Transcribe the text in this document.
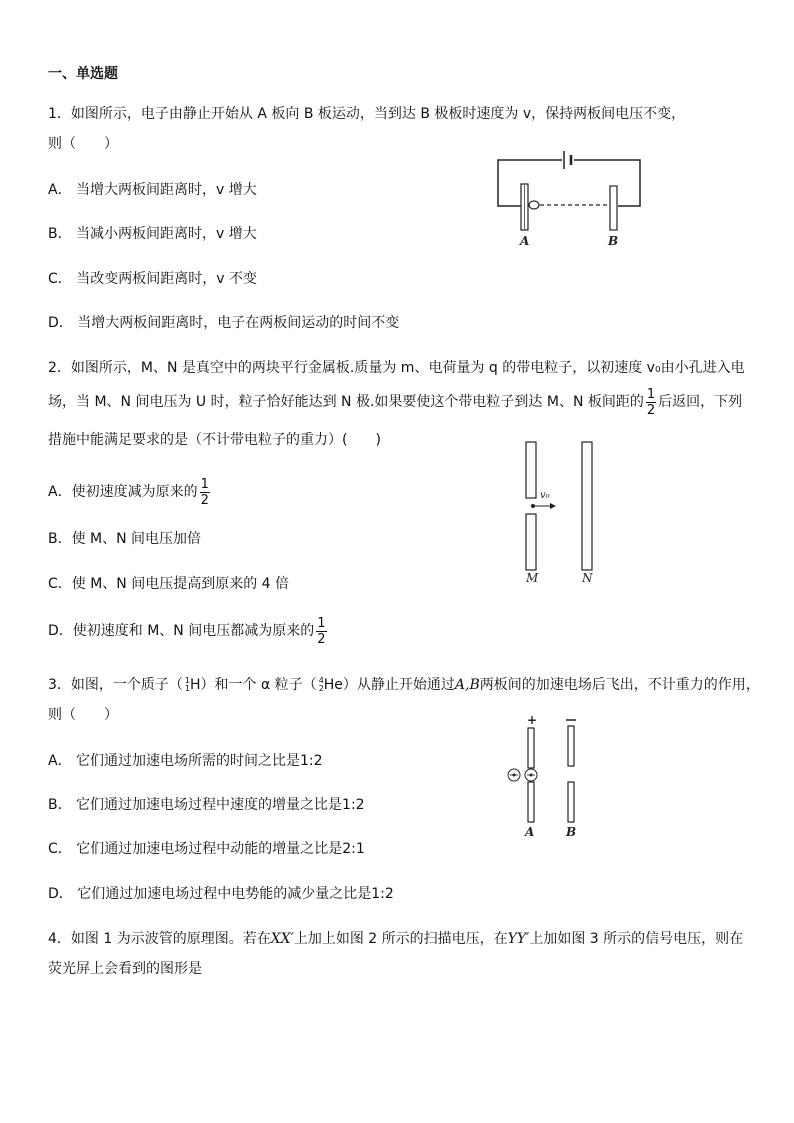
一、单选题
1．如图所示，电子由静止开始从 A 板向 B 板运动，当到达 B 极板时速度为 v，保持两板间电压不变，
则（　　）
A． 当增大两板间距离时，v 增大
B． 当减小两板间距离时，v 增大
C． 当改变两板间距离时，v 不变
D． 当增大两板间距离时，电子在两板间运动的时间不变
A	B
2．如图所示，M、N 是真空中的两块平行金属板.质量为 m、电荷量为 q 的带电粒子，以初速度 v₀由小孔进入电
场，当 M、N 间电压为 U 时，粒子恰好能达到 N 极.如果要使这个带电粒子到达 M、N 板间距的 $\frac{1}{2}$ 后返回，下列
措施中能满足要求的是（不计带电粒子的重力）(　　)
A．使初速度减为原来的 $\frac{1}{2}$
B．使 M、N 间电压加倍
C．使 M、N 间电压提高到原来的 4 倍
D．使初速度和 M、N 间电压都减为原来的 $\frac{1}{2}$
v₀
M	N
3．如图，一个质子（ 1
1 H）和一个 α 粒子（ 4
2 He）从静止开始通过A,B两板间的加速电场后飞出，不计重力的作用，
则（　　）
A． 它们通过加速电场所需的时间之比是1:2
B． 它们通过加速电场过程中速度的增量之比是1:2
C． 它们通过加速电场过程中动能的增量之比是2:1
D． 它们通过加速电场过程中电势能的减少量之比是1:2
+
A	B
4．如图 1 为示波管的原理图。若在XX′上加上如图 2 所示的扫描电压，在YY′上加如图 3 所示的信号电压，则在
荧光屏上会看到的图形是
